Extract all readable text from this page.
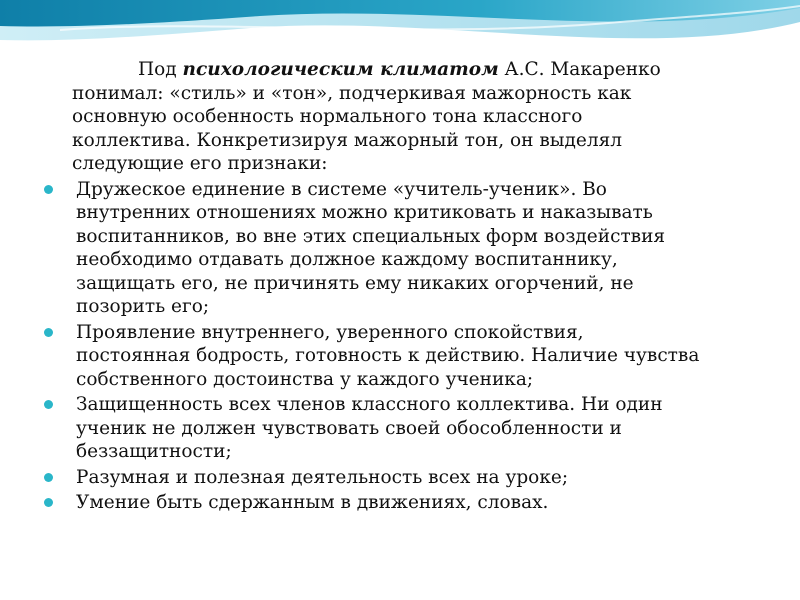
Под психологическим климатом А.С. Макаренко понимал: «стиль» и «тон», подчеркивая мажорность как основную особенность нормального тона классного коллектива. Конкретизируя мажорный тон, он выделял следующие его признаки:

Дружеское единение в системе «учитель-ученик». Во внутренних отношениях можно критиковать и наказывать воспитанников, во вне этих специальных форм воздействия необходимо отдавать должное каждому воспитаннику, защищать его, не причинять ему никаких огорчений, не позорить его;
Проявление внутреннего, уверенного спокойствия, постоянная бодрость, готовность к действию. Наличие чувства собственного достоинства у каждого ученика;
Защищенность всех членов классного коллектива. Ни один ученик не должен чувствовать своей обособленности и беззащитности;
Разумная и полезная деятельность всех на уроке;
Умение быть сдержанным в движениях, словах.
